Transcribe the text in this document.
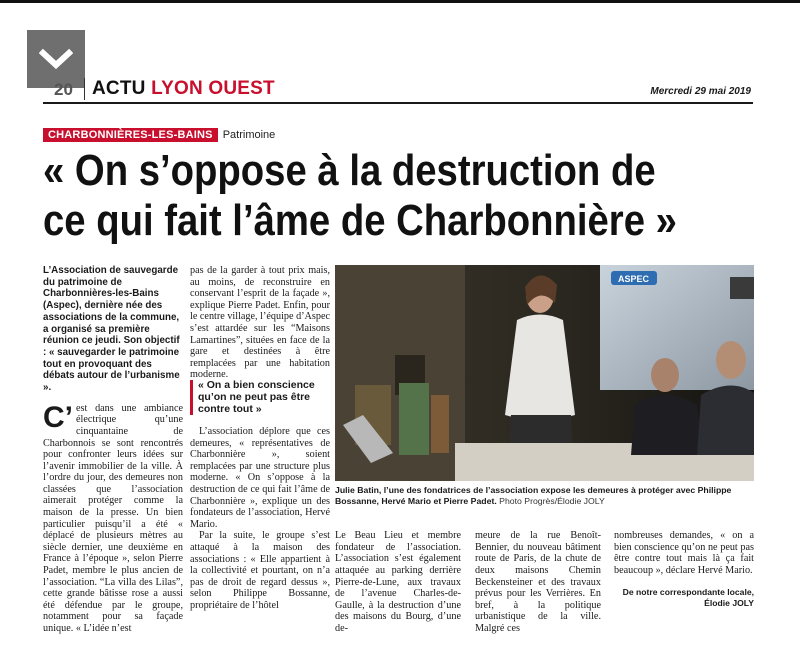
20 ACTU LYON OUEST	Mercredi 29 mai 2019
CHARBONNIÈRES-LES-BAINS Patrimoine
« On s’oppose à la destruction de
ce qui fait l’âme de Charbonnière »

L’Association de sauvegarde du patrimoine de Charbonnières-les-Bains (Aspec), dernière née des associations de la commune, a organisé sa première réunion ce jeudi. Son objectif : « sauvegarder le patrimoine tout en provoquant des débats autour de l’urbanisme ».

C’ est dans une ambiance électrique qu’une cinquantaine de Charbonnois se sont rencontrés pour confronter leurs idées sur l’avenir immobilier de la ville. À l’ordre du jour, des demeures non classées que l’association aimerait protéger comme la maison de la presse. Un bien particulier puisqu’il a été « déplacé de plusieurs mètres au siècle dernier, une deuxième en France à l’époque », selon Pierre Padet, membre le plus ancien de l’association. “La villa des Lilas”, cette grande bâtisse rose a aussi été défendue par le groupe, notamment pour sa façade unique. « L’idée n’est

pas de la garder à tout prix mais, au moins, de reconstruire en conservant l’esprit de la façade », explique Pierre Padet. Enfin, pour le centre village, l’équipe d’Aspec s’est attardée sur les “Maisons Lamartines”, situées en face de la gare et destinées à être remplacées par une habitation moderne.

« On a bien conscience qu’on ne peut pas être contre tout »

L’association déplore que ces demeures, « représentatives de Charbonnière », soient remplacées par une structure plus moderne. « On s’oppose à la destruction de ce qui fait l’âme de Charbonnière », explique un des fondateurs de l’association, Hervé Mario.

Par la suite, le groupe s’est attaqué à la maison des associations : « Elle appartient à la collectivité et pourtant, on n’a pas de droit de regard dessus », selon Philippe Bossanne, propriétaire de l’hôtel

ASPEC

Julie Batin, l’une des fondatrices de l’association expose les demeures à protéger avec Philippe Bossanne, Hervé Mario et Pierre Padet. Photo Progrès/Élodie JOLY

Le Beau Lieu et membre fondateur de l’association. L’association s’est également attaquée au parking derrière Pierre-de-Lune, aux travaux de l’avenue Charles-de-Gaulle, à la destruction d’une des maisons du Bourg, d’une de-

meure de la rue Benoît-Bennier, du nouveau bâtiment route de Paris, de la chute de deux maisons Chemin Beckensteiner et des travaux prévus pour les Verrières. En bref, à la politique urbanistique de la ville. Malgré ces

nombreuses demandes, « on a bien conscience qu’on ne peut pas être contre tout mais là ça fait beaucoup », déclare Hervé Mario.

De notre correspondante locale,
Élodie JOLY
